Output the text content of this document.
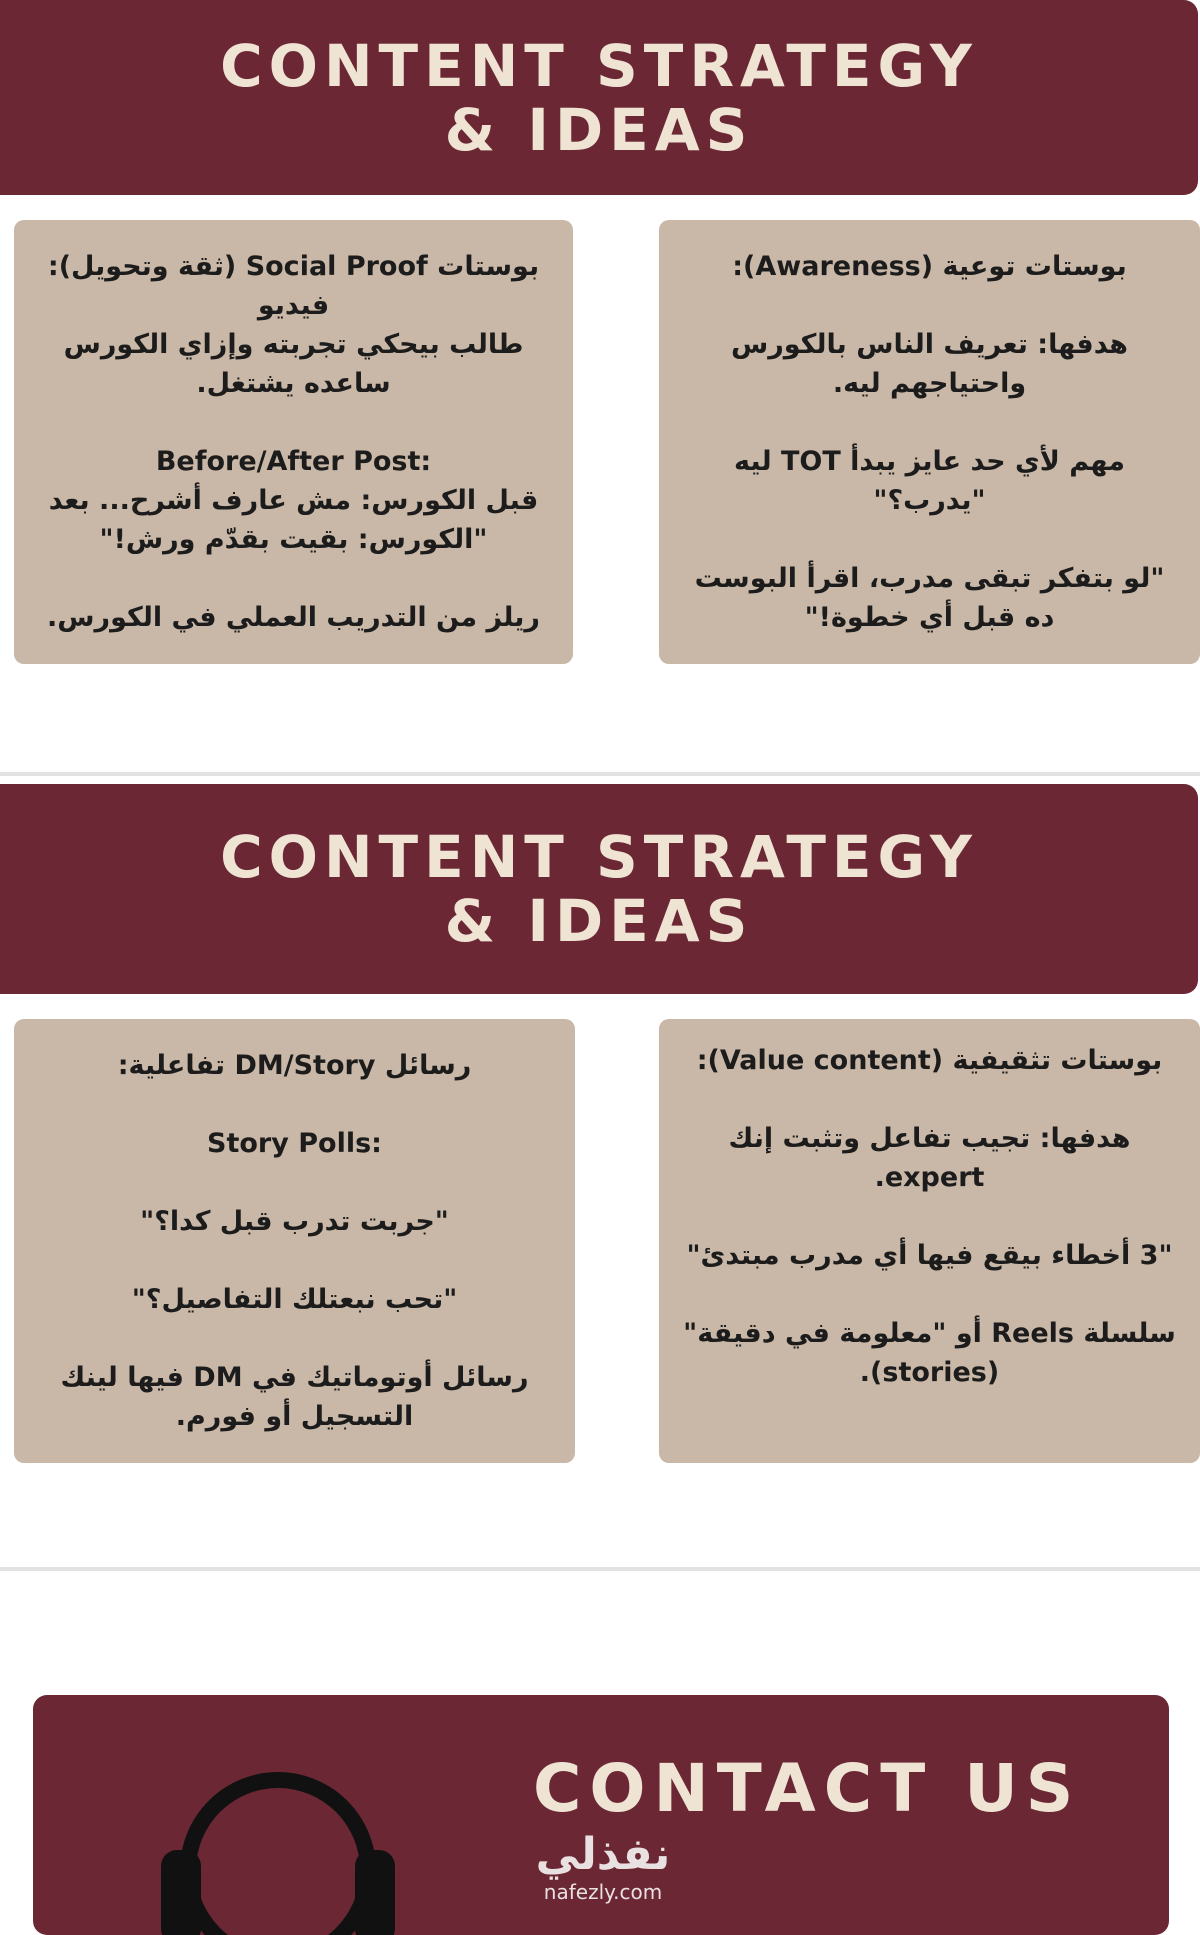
CONTENT STRATEGY & IDEAS

بوستات Social Proof (ثقة وتحويل): فيديو

طالب بيحكي تجربته وإزاي الكورس ساعده يشتغل.

Before/After Post:

قبل الكورس: مش عارف أشرح... بعد "الكورس: بقيت بقدّم ورش!"

ريلز من التدريب العملي في الكورس.

بوستات توعية (Awareness):

هدفها: تعريف الناس بالكورس واحتياجهم ليه.

مهم لأي حد عايز يبدأ TOT ليه "يدرب؟"

"لو بتفكر تبقى مدرب، اقرأ البوست ده قبل أي خطوة!"

CONTENT STRATEGY & IDEAS

رسائل DM/Story تفاعلية:

Story Polls:

"جربت تدرب قبل كدا؟"

"تحب نبعتلك التفاصيل؟"

رسائل أوتوماتيك في DM فيها لينك التسجيل أو فورم.

بوستات تثقيفية (Value content):

هدفها: تجيب تفاعل وتثبت إنك expert.

"3 أخطاء بيقع فيها أي مدرب مبتدئ"

سلسلة Reels أو "معلومة في دقيقة" (stories).

CONTACT US
نفذلي
nafezly.com
